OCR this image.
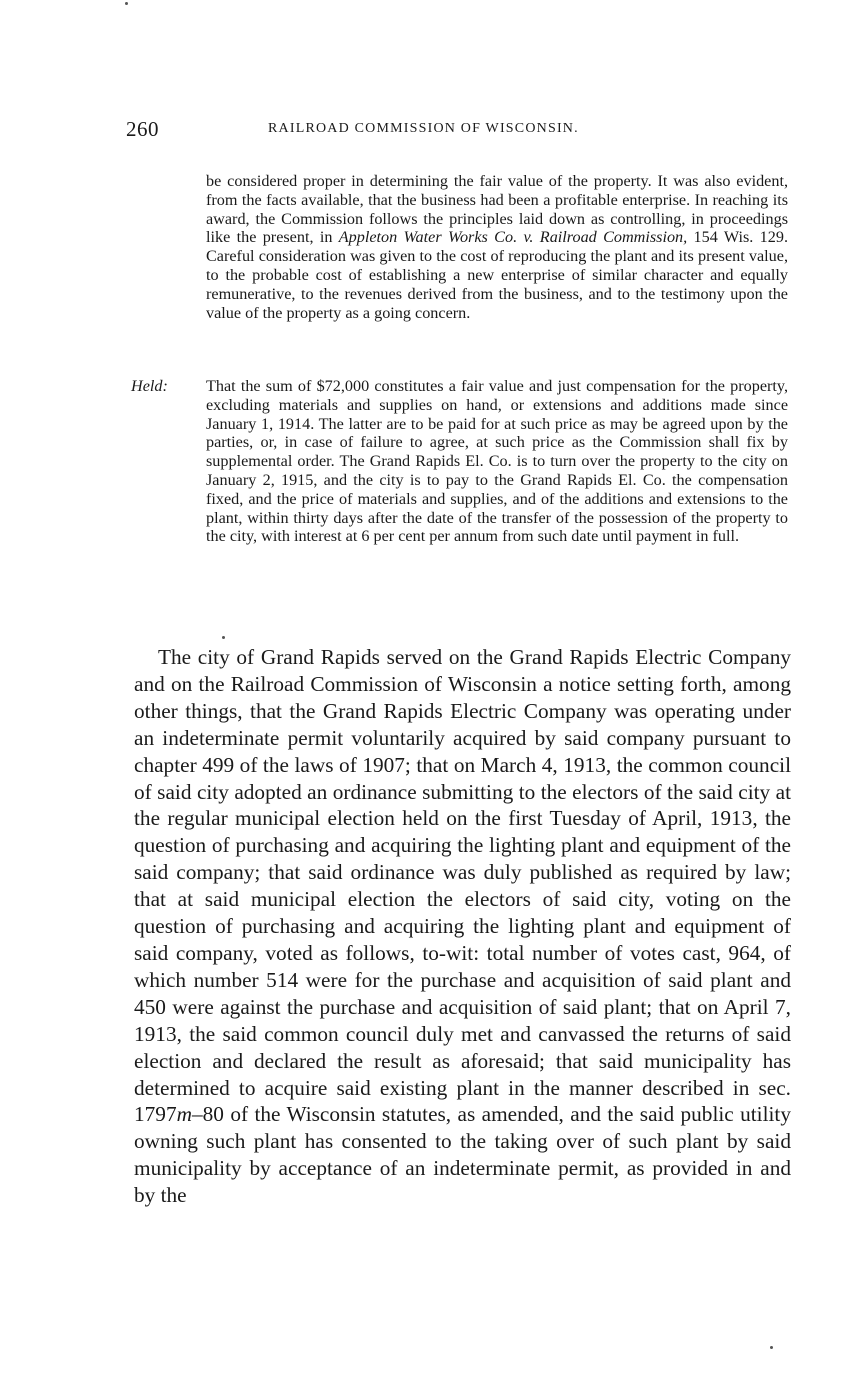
260	RAILROAD COMMISSION OF WISCONSIN.

be considered proper in determining the fair value of the property. It was also evident, from the facts available, that the business had been a profitable enterprise. In reaching its award, the Commission follows the principles laid down as controlling, in proceedings like the present, in Appleton Water Works Co. v. Railroad Commission, 154 Wis. 129. Careful consideration was given to the cost of reproducing the plant and its present value, to the probable cost of establishing a new enterprise of similar character and equally remunerative, to the revenues derived from the business, and to the testimony upon the value of the property as a going concern.

Held: That the sum of $72,000 constitutes a fair value and just compensation for the property, excluding materials and supplies on hand, or extensions and additions made since January 1, 1914. The latter are to be paid for at such price as may be agreed upon by the parties, or, in case of failure to agree, at such price as the Commission shall fix by supplemental order. The Grand Rapids El. Co. is to turn over the property to the city on January 2, 1915, and the city is to pay to the Grand Rapids El. Co. the compensation fixed, and the price of materials and supplies, and of the additions and extensions to the plant, within thirty days after the date of the transfer of the possession of the property to the city, with interest at 6 per cent per annum from such date until payment in full.

The city of Grand Rapids served on the Grand Rapids Electric Company and on the Railroad Commission of Wisconsin a notice setting forth, among other things, that the Grand Rapids Electric Company was operating under an indeterminate permit voluntarily acquired by said company pursuant to chapter 499 of the laws of 1907; that on March 4, 1913, the common council of said city adopted an ordinance submitting to the electors of the said city at the regular municipal election held on the first Tuesday of April, 1913, the question of purchasing and acquiring the lighting plant and equipment of the said company; that said ordinance was duly published as required by law; that at said municipal election the electors of said city, voting on the question of purchasing and acquiring the lighting plant and equipment of said company, voted as follows, to-wit: total number of votes cast, 964, of which number 514 were for the purchase and acquisition of said plant and 450 were against the purchase and acquisition of said plant; that on April 7, 1913, the said common council duly met and canvassed the returns of said election and declared the result as aforesaid; that said municipality has determined to acquire said existing plant in the manner described in sec. 1797m–80 of the Wisconsin statutes, as amended, and the said public utility owning such plant has consented to the taking over of such plant by said municipality by acceptance of an indeterminate permit, as provided in and by the
